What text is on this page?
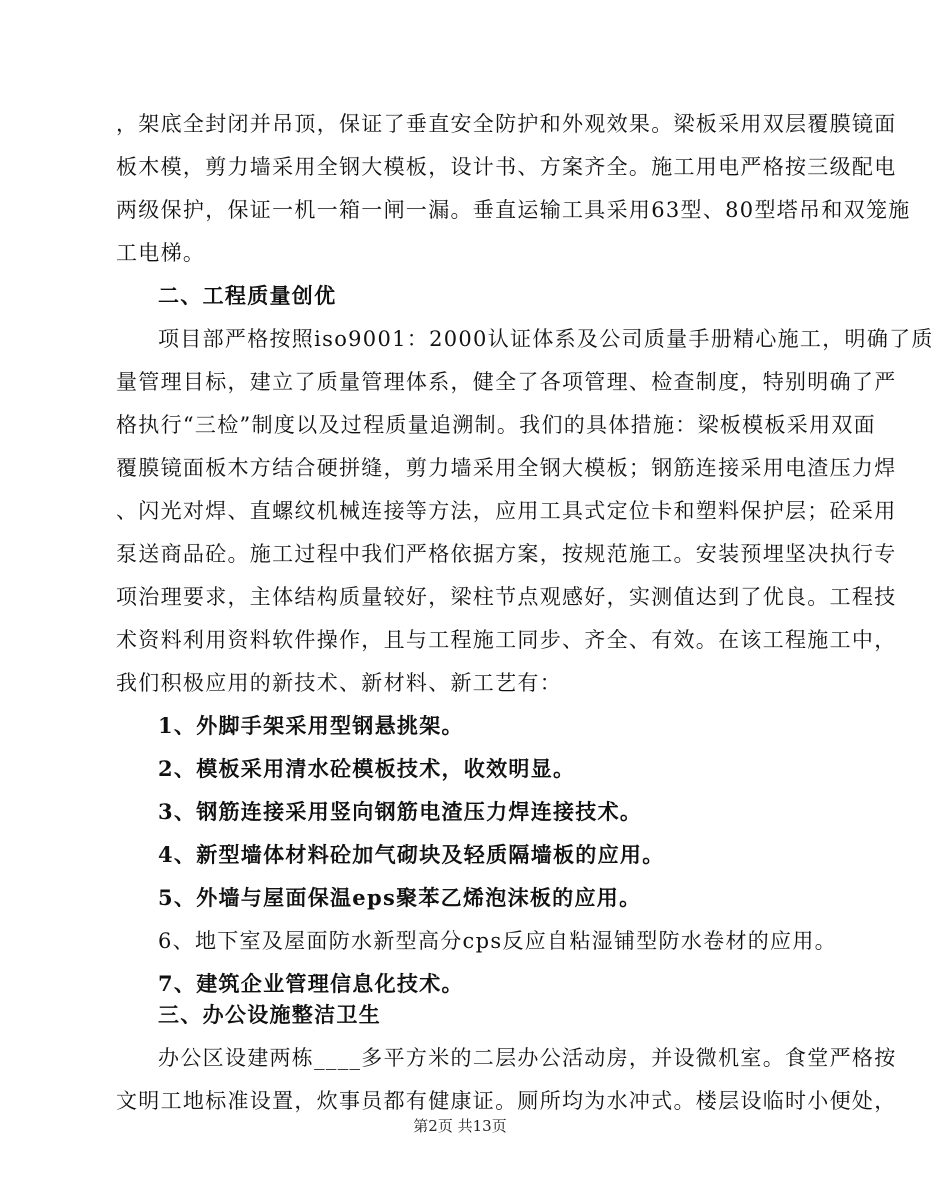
，架底全封闭并吊顶，保证了垂直安全防护和外观效果。梁板采用双层覆膜镜面
板木模，剪力墙采用全钢大模板，设计书、方案齐全。施工用电严格按三级配电
两级保护，保证一机一箱一闸一漏。垂直运输工具采用63型、80型塔吊和双笼施
工电梯。
二、工程质量创优
项目部严格按照iso9001：2000认证体系及公司质量手册精心施工，明确了质
量管理目标，建立了质量管理体系，健全了各项管理、检查制度，特别明确了严
格执行“三检”制度以及过程质量追溯制。我们的具体措施：梁板模板采用双面
覆膜镜面板木方结合硬拼缝，剪力墙采用全钢大模板；钢筋连接采用电渣压力焊
、闪光对焊、直螺纹机械连接等方法，应用工具式定位卡和塑料保护层；砼采用
泵送商品砼。施工过程中我们严格依据方案，按规范施工。安装预埋坚决执行专
项治理要求，主体结构质量较好，梁柱节点观感好，实测值达到了优良。工程技
术资料利用资料软件操作，且与工程施工同步、齐全、有效。在该工程施工中，
我们积极应用的新技术、新材料、新工艺有：
1、外脚手架采用型钢悬挑架。
2、模板采用清水砼模板技术，收效明显。
3、钢筋连接采用竖向钢筋电渣压力焊连接技术。
4、新型墙体材料砼加气砌块及轻质隔墙板的应用。
5、外墙与屋面保温eps聚苯乙烯泡沫板的应用。
6、地下室及屋面防水新型高分cps反应自粘湿铺型防水卷材的应用。
7、建筑企业管理信息化技术。
三、办公设施整洁卫生
办公区设建两栋____多平方米的二层办公活动房，并设微机室。食堂严格按
第2页 共13页
文明工地标准设置，炊事员都有健康证。厕所均为水冲式。楼层设临时小便处，
